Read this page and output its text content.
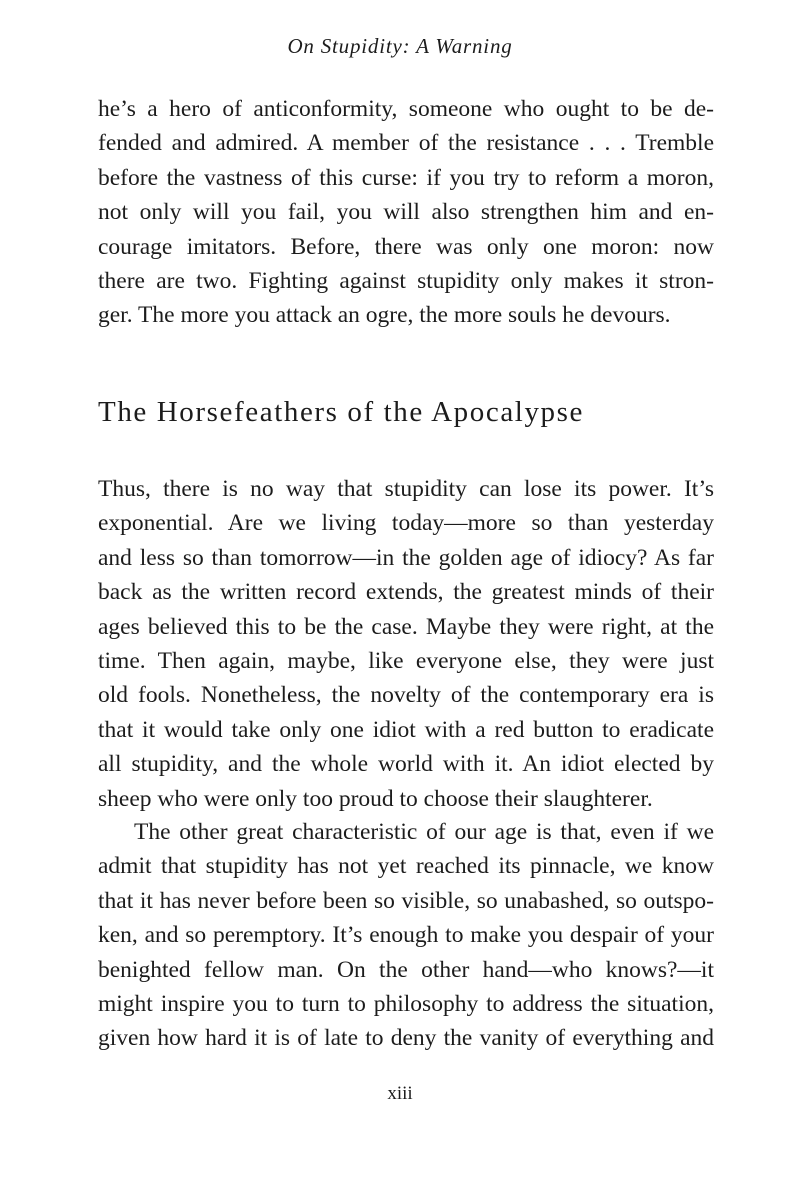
On Stupidity: A Warning
he’s a hero of anticonformity, someone who ought to be de-
fended and admired. A member of the resistance . . . Tremble
before the vastness of this curse: if you try to reform a moron,
not only will you fail, you will also strengthen him and en-
courage imitators. Before, there was only one moron: now
there are two. Fighting against stupidity only makes it stron-
ger. The more you attack an ogre, the more souls he devours.
The Horsefeathers of the Apocalypse
Thus, there is no way that stupidity can lose its power. It’s
exponential. Are we living today—more so than yesterday
and less so than tomorrow—in the golden age of idiocy? As far
back as the written record extends, the greatest minds of their
ages believed this to be the case. Maybe they were right, at the
time. Then again, maybe, like everyone else, they were just
old fools. Nonetheless, the novelty of the contemporary era is
that it would take only one idiot with a red button to eradicate
all stupidity, and the whole world with it. An idiot elected by
sheep who were only too proud to choose their slaughterer.
The other great characteristic of our age is that, even if we
admit that stupidity has not yet reached its pinnacle, we know
that it has never before been so visible, so unabashed, so outspo-
ken, and so peremptory. It’s enough to make you despair of your
benighted fellow man. On the other hand—who knows?—it
might inspire you to turn to philosophy to address the situation,
given how hard it is of late to deny the vanity of everything and
xiii
